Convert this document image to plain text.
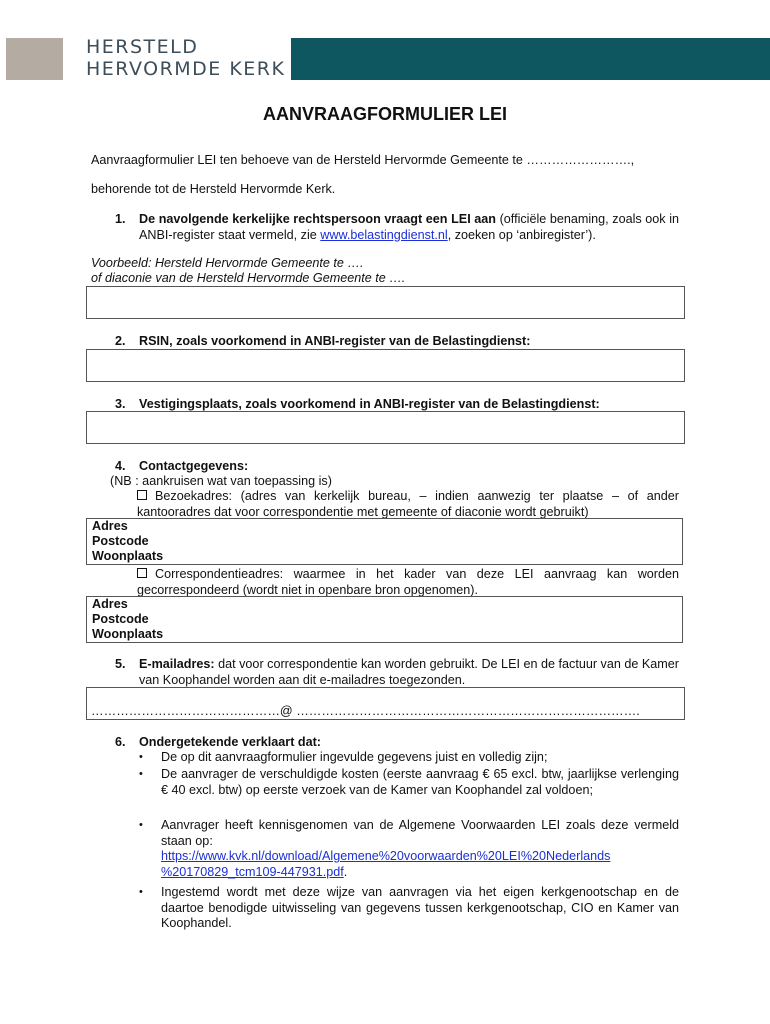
HERSTELD
HERVORMDE KERK
AANVRAAGFORMULIER LEI
Aanvraagformulier LEI ten behoeve van de Hersteld Hervormde Gemeente te …………………….,
behorende tot de Hersteld Hervormde Kerk.
1. De navolgende kerkelijke rechtspersoon vraagt een LEI aan (officiële benaming, zoals ook in ANBI-register staat vermeld, zie www.belastingdienst.nl, zoeken op ‘anbiregister’).
Voorbeeld: Hersteld Hervormde Gemeente te ….
of diaconie van de Hersteld Hervormde Gemeente te ….
2. RSIN, zoals voorkomend in ANBI-register van de Belastingdienst:
3. Vestigingsplaats, zoals voorkomend in ANBI-register van de Belastingdienst:
4. Contactgegevens:
(NB : aankruisen wat van toepassing is)
Bezoekadres: (adres van kerkelijk bureau, – indien aanwezig ter plaatse – of ander kantooradres dat voor correspondentie met gemeente of diaconie wordt gebruikt)
Adres
Postcode
Woonplaats
Correspondentieadres: waarmee in het kader van deze LEI aanvraag kan worden gecorrespondeerd (wordt niet in openbare bron opgenomen).
Adres
Postcode
Woonplaats
5. E-mailadres: dat voor correspondentie kan worden gebruikt. De LEI en de factuur van de Kamer van Koophandel worden aan dit e-mailadres toegezonden.
………………………………………@ ……………………………………………………………………….
6. Ondergetekende verklaart dat:
• De op dit aanvraagformulier ingevulde gegevens juist en volledig zijn;
• De aanvrager de verschuldigde kosten (eerste aanvraag € 65 excl. btw, jaarlijkse verlenging € 40 excl. btw) op eerste verzoek van de Kamer van Koophandel zal voldoen;
• Aanvrager heeft kennisgenomen van de Algemene Voorwaarden LEI zoals deze vermeld staan op:
https://www.kvk.nl/download/Algemene%20voorwaarden%20LEI%20Nederlands
%20170829_tcm109-447931.pdf.
• Ingestemd wordt met deze wijze van aanvragen via het eigen kerkgenootschap en de daartoe benodigde uitwisseling van gegevens tussen kerkgenootschap, CIO en Kamer van Koophandel.
